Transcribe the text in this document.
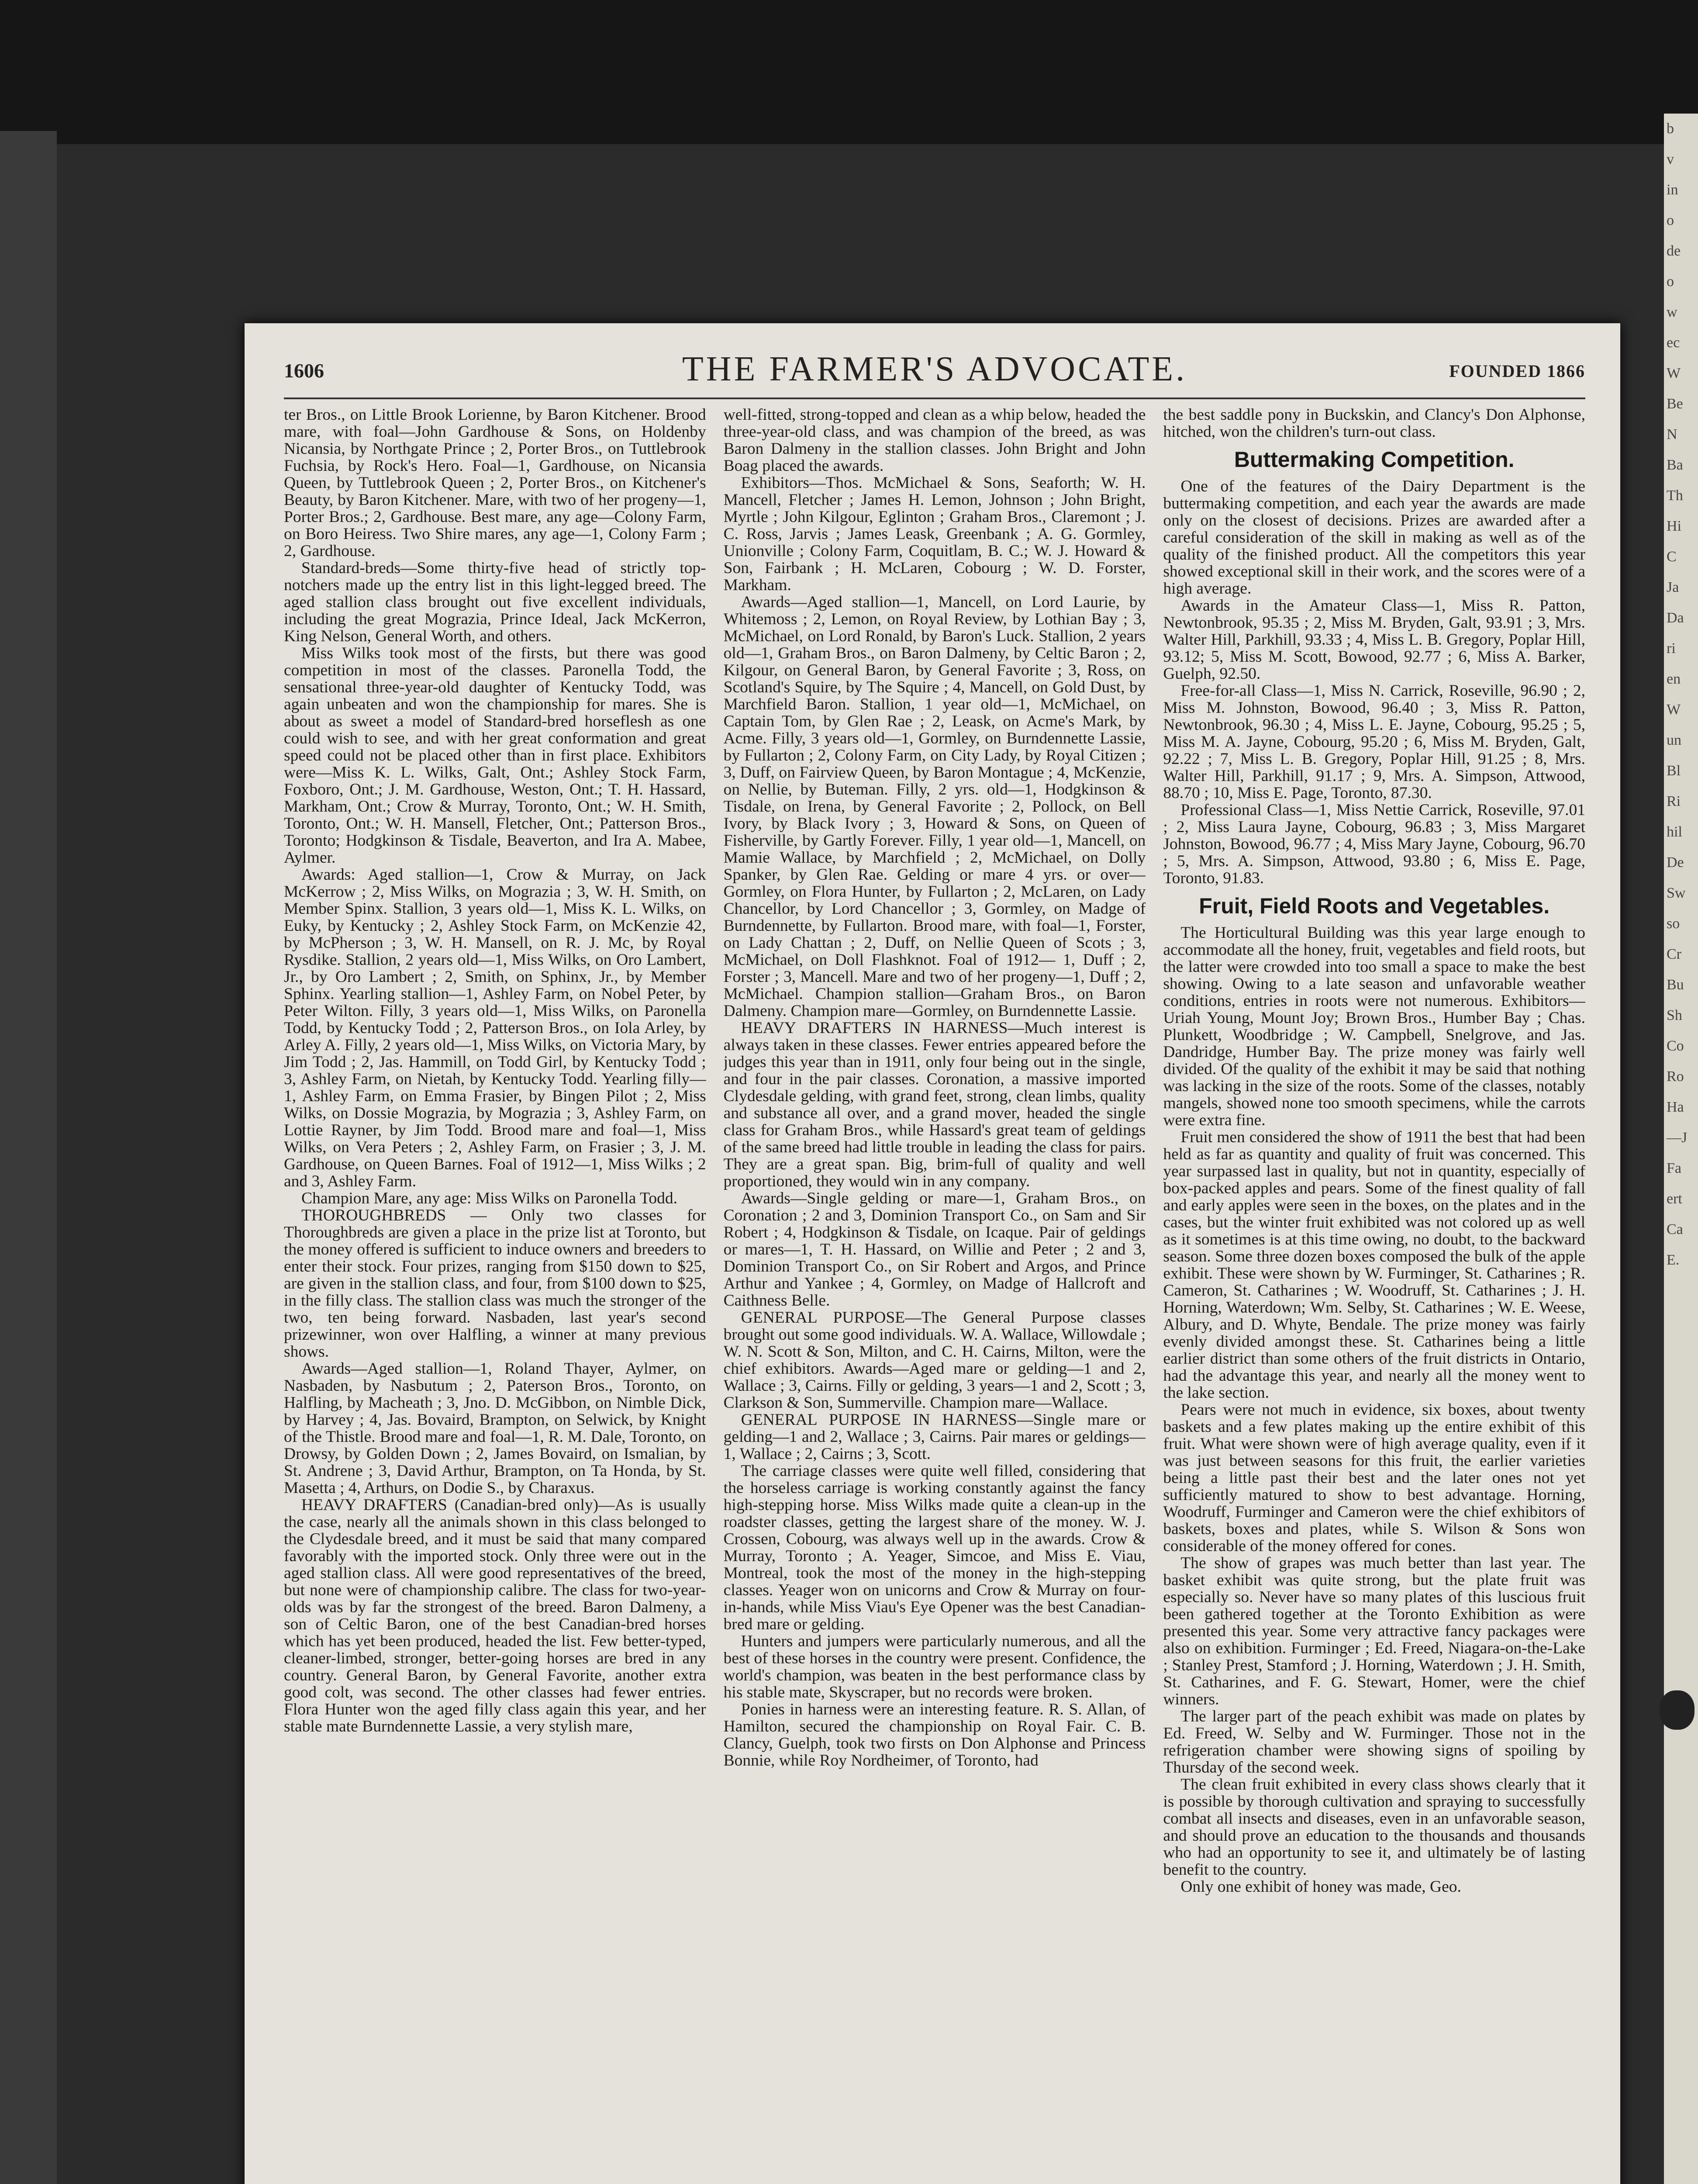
b
v
in
o
de
o
w
ec
W
Be
N
Ba
Th
Hi
C
Ja
Da
ri
en
W
un
Bl
Ri
hil
De
Sw
so
Cr
Bu
Sh
Co
Ro
Ha
—J
Fa
ert
Ca
E.
1606	THE FARMER'S ADVOCATE.	FOUNDED 1866

ter Bros., on Little Brook Lorienne, by Baron Kitchener. Brood mare, with foal—John Gardhouse & Sons, on Holdenby Nicansia, by Northgate Prince ; 2, Porter Bros., on Tuttlebrook Fuchsia, by Rock's Hero. Foal—1, Gardhouse, on Nicansia Queen, by Tuttlebrook Queen ; 2, Porter Bros., on Kitchener's Beauty, by Baron Kitchener. Mare, with two of her progeny—1, Porter Bros.; 2, Gardhouse. Best mare, any age—Colony Farm, on Boro Heiress. Two Shire mares, any age—1, Colony Farm ; 2, Gardhouse.

Standard-breds—Some thirty-five head of strictly top-notchers made up the entry list in this light-legged breed. The aged stallion class brought out five excellent individuals, including the great Mograzia, Prince Ideal, Jack McKerron, King Nelson, General Worth, and others.

Miss Wilks took most of the firsts, but there was good competition in most of the classes. Paronella Todd, the sensational three-year-old daughter of Kentucky Todd, was again unbeaten and won the championship for mares. She is about as sweet a model of Standard-bred horseflesh as one could wish to see, and with her great conformation and great speed could not be placed other than in first place. Exhibitors were—Miss K. L. Wilks, Galt, Ont.; Ashley Stock Farm, Foxboro, Ont.; J. M. Gardhouse, Weston, Ont.; T. H. Hassard, Markham, Ont.; Crow & Murray, Toronto, Ont.; W. H. Smith, Toronto, Ont.; W. H. Mansell, Fletcher, Ont.; Patterson Bros., Toronto; Hodgkinson & Tisdale, Beaverton, and Ira A. Mabee, Aylmer.

Awards: Aged stallion—1, Crow & Murray, on Jack McKerrow ; 2, Miss Wilks, on Mograzia ; 3, W. H. Smith, on Member Spinx. Stallion, 3 years old—1, Miss K. L. Wilks, on Euky, by Kentucky ; 2, Ashley Stock Farm, on McKenzie 42, by McPherson ; 3, W. H. Mansell, on R. J. Mc, by Royal Rysdike. Stallion, 2 years old—1, Miss Wilks, on Oro Lambert, Jr., by Oro Lambert ; 2, Smith, on Sphinx, Jr., by Member Sphinx. Yearling stallion—1, Ashley Farm, on Nobel Peter, by Peter Wilton. Filly, 3 years old—1, Miss Wilks, on Paronella Todd, by Kentucky Todd ; 2, Patterson Bros., on Iola Arley, by Arley A. Filly, 2 years old—1, Miss Wilks, on Victoria Mary, by Jim Todd ; 2, Jas. Hammill, on Todd Girl, by Kentucky Todd ; 3, Ashley Farm, on Nietah, by Kentucky Todd. Yearling filly—1, Ashley Farm, on Emma Frasier, by Bingen Pilot ; 2, Miss Wilks, on Dossie Mograzia, by Mograzia ; 3, Ashley Farm, on Lottie Rayner, by Jim Todd. Brood mare and foal—1, Miss Wilks, on Vera Peters ; 2, Ashley Farm, on Frasier ; 3, J. M. Gardhouse, on Queen Barnes. Foal of 1912—1, Miss Wilks ; 2 and 3, Ashley Farm.

Champion Mare, any age: Miss Wilks on Paronella Todd.

THOROUGHBREDS — Only two classes for Thoroughbreds are given a place in the prize list at Toronto, but the money offered is sufficient to induce owners and breeders to enter their stock. Four prizes, ranging from $150 down to $25, are given in the stallion class, and four, from $100 down to $25, in the filly class. The stallion class was much the stronger of the two, ten being forward. Nasbaden, last year's second prizewinner, won over Halfling, a winner at many previous shows.

Awards—Aged stallion—1, Roland Thayer, Aylmer, on Nasbaden, by Nasbutum ; 2, Paterson Bros., Toronto, on Halfling, by Macheath ; 3, Jno. D. McGibbon, on Nimble Dick, by Harvey ; 4, Jas. Bovaird, Brampton, on Selwick, by Knight of the Thistle. Brood mare and foal—1, R. M. Dale, Toronto, on Drowsy, by Golden Down ; 2, James Bovaird, on Ismalian, by St. Andrene ; 3, David Arthur, Brampton, on Ta Honda, by St. Masetta ; 4, Arthurs, on Dodie S., by Charaxus.

HEAVY DRAFTERS (Canadian-bred only)—As is usually the case, nearly all the animals shown in this class belonged to the Clydesdale breed, and it must be said that many compared favorably with the imported stock. Only three were out in the aged stallion class. All were good representatives of the breed, but none were of championship calibre. The class for two-year-olds was by far the strongest of the breed. Baron Dalmeny, a son of Celtic Baron, one of the best Canadian-bred horses which has yet been produced, headed the list. Few better-typed, cleaner-limbed, stronger, better-going horses are bred in any country. General Baron, by General Favorite, another extra good colt, was second. The other classes had fewer entries. Flora Hunter won the aged filly class again this year, and her stable mate Burndennette Lassie, a very stylish mare,

well-fitted, strong-topped and clean as a whip below, headed the three-year-old class, and was champion of the breed, as was Baron Dalmeny in the stallion classes. John Bright and John Boag placed the awards.

Exhibitors—Thos. McMichael & Sons, Seaforth; W. H. Mancell, Fletcher ; James H. Lemon, Johnson ; John Bright, Myrtle ; John Kilgour, Eglinton ; Graham Bros., Claremont ; J. C. Ross, Jarvis ; James Leask, Greenbank ; A. G. Gormley, Unionville ; Colony Farm, Coquitlam, B. C.; W. J. Howard & Son, Fairbank ; H. McLaren, Cobourg ; W. D. Forster, Markham.

Awards—Aged stallion—1, Mancell, on Lord Laurie, by Whitemoss ; 2, Lemon, on Royal Review, by Lothian Bay ; 3, McMichael, on Lord Ronald, by Baron's Luck. Stallion, 2 years old—1, Graham Bros., on Baron Dalmeny, by Celtic Baron ; 2, Kilgour, on General Baron, by General Favorite ; 3, Ross, on Scotland's Squire, by The Squire ; 4, Mancell, on Gold Dust, by Marchfield Baron. Stallion, 1 year old—1, McMichael, on Captain Tom, by Glen Rae ; 2, Leask, on Acme's Mark, by Acme. Filly, 3 years old—1, Gormley, on Burndennette Lassie, by Fullarton ; 2, Colony Farm, on City Lady, by Royal Citizen ; 3, Duff, on Fairview Queen, by Baron Montague ; 4, McKenzie, on Nellie, by Buteman. Filly, 2 yrs. old—1, Hodgkinson & Tisdale, on Irena, by General Favorite ; 2, Pollock, on Bell Ivory, by Black Ivory ; 3, Howard & Sons, on Queen of Fisherville, by Gartly Forever. Filly, 1 year old—1, Mancell, on Mamie Wallace, by Marchfield ; 2, McMichael, on Dolly Spanker, by Glen Rae. Gelding or mare 4 yrs. or over—Gormley, on Flora Hunter, by Fullarton ; 2, McLaren, on Lady Chancellor, by Lord Chancellor ; 3, Gormley, on Madge of Burndennette, by Fullarton. Brood mare, with foal—1, Forster, on Lady Chattan ; 2, Duff, on Nellie Queen of Scots ; 3, McMichael, on Doll Flashknot. Foal of 1912— 1, Duff ; 2, Forster ; 3, Mancell. Mare and two of her progeny—1, Duff ; 2, McMichael. Champion stallion—Graham Bros., on Baron Dalmeny. Champion mare—Gormley, on Burndennette Lassie.

HEAVY DRAFTERS IN HARNESS—Much interest is always taken in these classes. Fewer entries appeared before the judges this year than in 1911, only four being out in the single, and four in the pair classes. Coronation, a massive imported Clydesdale gelding, with grand feet, strong, clean limbs, quality and substance all over, and a grand mover, headed the single class for Graham Bros., while Hassard's great team of geldings of the same breed had little trouble in leading the class for pairs. They are a great span. Big, brim-full of quality and well proportioned, they would win in any company.

Awards—Single gelding or mare—1, Graham Bros., on Coronation ; 2 and 3, Dominion Transport Co., on Sam and Sir Robert ; 4, Hodgkinson & Tisdale, on Icaque. Pair of geldings or mares—1, T. H. Hassard, on Willie and Peter ; 2 and 3, Dominion Transport Co., on Sir Robert and Argos, and Prince Arthur and Yankee ; 4, Gormley, on Madge of Hallcroft and Caithness Belle.

GENERAL PURPOSE—The General Purpose classes brought out some good individuals. W. A. Wallace, Willowdale ; W. N. Scott & Son, Milton, and C. H. Cairns, Milton, were the chief exhibitors. Awards—Aged mare or gelding—1 and 2, Wallace ; 3, Cairns. Filly or gelding, 3 years—1 and 2, Scott ; 3, Clarkson & Son, Summerville. Champion mare—Wallace.

GENERAL PURPOSE IN HARNESS—Single mare or gelding—1 and 2, Wallace ; 3, Cairns. Pair mares or geldings—1, Wallace ; 2, Cairns ; 3, Scott.

The carriage classes were quite well filled, considering that the horseless carriage is working constantly against the fancy high-stepping horse. Miss Wilks made quite a clean-up in the roadster classes, getting the largest share of the money. W. J. Crossen, Cobourg, was always well up in the awards. Crow & Murray, Toronto ; A. Yeager, Simcoe, and Miss E. Viau, Montreal, took the most of the money in the high-stepping classes. Yeager won on unicorns and Crow & Murray on four-in-hands, while Miss Viau's Eye Opener was the best Canadian-bred mare or gelding.

Hunters and jumpers were particularly numerous, and all the best of these horses in the country were present. Confidence, the world's champion, was beaten in the best performance class by his stable mate, Skyscraper, but no records were broken.

Ponies in harness were an interesting feature. R. S. Allan, of Hamilton, secured the championship on Royal Fair. C. B. Clancy, Guelph, took two firsts on Don Alphonse and Princess Bonnie, while Roy Nordheimer, of Toronto, had

the best saddle pony in Buckskin, and Clancy's Don Alphonse, hitched, won the children's turn-out class.

Buttermaking Competition.

One of the features of the Dairy Department is the buttermaking competition, and each year the awards are made only on the closest of decisions. Prizes are awarded after a careful consideration of the skill in making as well as of the quality of the finished product. All the competitors this year showed exceptional skill in their work, and the scores were of a high average.

Awards in the Amateur Class—1, Miss R. Patton, Newtonbrook, 95.35 ; 2, Miss M. Bryden, Galt, 93.91 ; 3, Mrs. Walter Hill, Parkhill, 93.33 ; 4, Miss L. B. Gregory, Poplar Hill, 93.12; 5, Miss M. Scott, Bowood, 92.77 ; 6, Miss A. Barker, Guelph, 92.50.

Free-for-all Class—1, Miss N. Carrick, Roseville, 96.90 ; 2, Miss M. Johnston, Bowood, 96.40 ; 3, Miss R. Patton, Newtonbrook, 96.30 ; 4, Miss L. E. Jayne, Cobourg, 95.25 ; 5, Miss M. A. Jayne, Cobourg, 95.20 ; 6, Miss M. Bryden, Galt, 92.22 ; 7, Miss L. B. Gregory, Poplar Hill, 91.25 ; 8, Mrs. Walter Hill, Parkhill, 91.17 ; 9, Mrs. A. Simpson, Attwood, 88.70 ; 10, Miss E. Page, Toronto, 87.30.

Professional Class—1, Miss Nettie Carrick, Roseville, 97.01 ; 2, Miss Laura Jayne, Cobourg, 96.83 ; 3, Miss Margaret Johnston, Bowood, 96.77 ; 4, Miss Mary Jayne, Cobourg, 96.70 ; 5, Mrs. A. Simpson, Attwood, 93.80 ; 6, Miss E. Page, Toronto, 91.83.

Fruit, Field Roots and Vegetables.

The Horticultural Building was this year large enough to accommodate all the honey, fruit, vegetables and field roots, but the latter were crowded into too small a space to make the best showing. Owing to a late season and unfavorable weather conditions, entries in roots were not numerous. Exhibitors—Uriah Young, Mount Joy; Brown Bros., Humber Bay ; Chas. Plunkett, Woodbridge ; W. Campbell, Snelgrove, and Jas. Dandridge, Humber Bay. The prize money was fairly well divided. Of the quality of the exhibit it may be said that nothing was lacking in the size of the roots. Some of the classes, notably mangels, showed none too smooth specimens, while the carrots were extra fine.

Fruit men considered the show of 1911 the best that had been held as far as quantity and quality of fruit was concerned. This year surpassed last in quality, but not in quantity, especially of box-packed apples and pears. Some of the finest quality of fall and early apples were seen in the boxes, on the plates and in the cases, but the winter fruit exhibited was not colored up as well as it sometimes is at this time owing, no doubt, to the backward season. Some three dozen boxes composed the bulk of the apple exhibit. These were shown by W. Furminger, St. Catharines ; R. Cameron, St. Catharines ; W. Woodruff, St. Catharines ; J. H. Horning, Waterdown; Wm. Selby, St. Catharines ; W. E. Weese, Albury, and D. Whyte, Bendale. The prize money was fairly evenly divided amongst these. St. Catharines being a little earlier district than some others of the fruit districts in Ontario, had the advantage this year, and nearly all the money went to the lake section.

Pears were not much in evidence, six boxes, about twenty baskets and a few plates making up the entire exhibit of this fruit. What were shown were of high average quality, even if it was just between seasons for this fruit, the earlier varieties being a little past their best and the later ones not yet sufficiently matured to show to best advantage. Horning, Woodruff, Furminger and Cameron were the chief exhibitors of baskets, boxes and plates, while S. Wilson & Sons won considerable of the money offered for cones.

The show of grapes was much better than last year. The basket exhibit was quite strong, but the plate fruit was especially so. Never have so many plates of this luscious fruit been gathered together at the Toronto Exhibition as were presented this year. Some very attractive fancy packages were also on exhibition. Furminger ; Ed. Freed, Niagara-on-the-Lake ; Stanley Prest, Stamford ; J. Horning, Waterdown ; J. H. Smith, St. Catharines, and F. G. Stewart, Homer, were the chief winners.

The larger part of the peach exhibit was made on plates by Ed. Freed, W. Selby and W. Furminger. Those not in the refrigeration chamber were showing signs of spoiling by Thursday of the second week.

The clean fruit exhibited in every class shows clearly that it is possible by thorough cultivation and spraying to successfully combat all insects and diseases, even in an unfavorable season, and should prove an education to the thousands and thousands who had an opportunity to see it, and ultimately be of lasting benefit to the country.

Only one exhibit of honey was made, Geo.
